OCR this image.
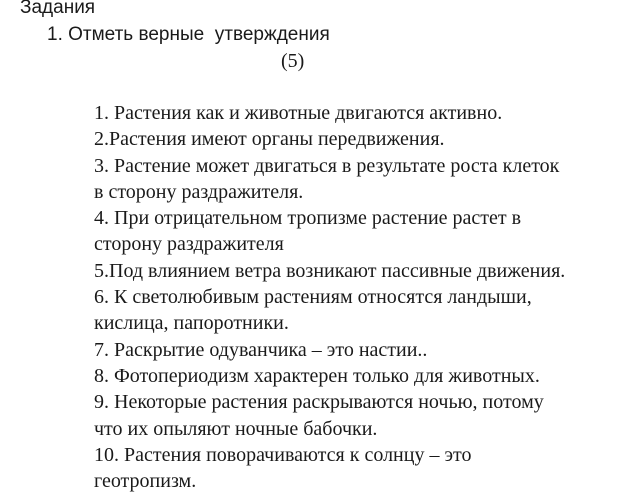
Задания
1. Отметь верные  утверждения
(5)
1. Растения как и животные двигаются активно.
2.Растения имеют органы передвижения.
3. Растение может двигаться в результате роста клеток
в сторону раздражителя.
4. При отрицательном тропизме растение растет в
сторону раздражителя
5.Под влиянием ветра возникают пассивные движения.
6. К светолюбивым растениям относятся ландыши,
кислица, папоротники.
7. Раскрытие одуванчика – это настии..
8. Фотопериодизм характерен только для животных.
9. Некоторые растения раскрываются ночью, потому
что их опыляют ночные бабочки.
10. Растения поворачиваются к солнцу – это
геотропизм.
